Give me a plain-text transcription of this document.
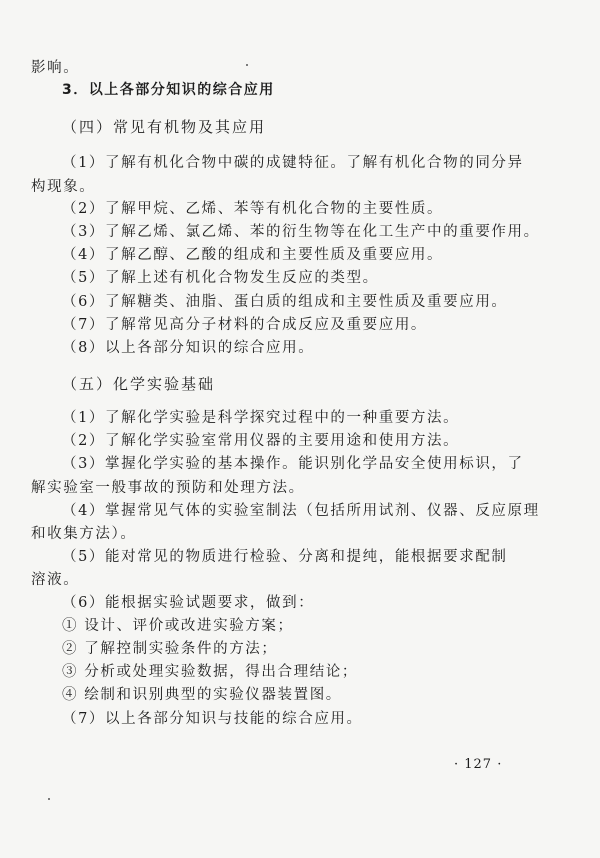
影响。
3．以上各部分知识的综合应用
（四）常见有机物及其应用
（1）了解有机化合物中碳的成键特征。了解有机化合物的同分异
构现象。
（2）了解甲烷、乙烯、苯等有机化合物的主要性质。
（3）了解乙烯、氯乙烯、苯的衍生物等在化工生产中的重要作用。
（4）了解乙醇、乙酸的组成和主要性质及重要应用。
（5）了解上述有机化合物发生反应的类型。
（6）了解糖类、油脂、蛋白质的组成和主要性质及重要应用。
（7）了解常见高分子材料的合成反应及重要应用。
（8）以上各部分知识的综合应用。
（五）化学实验基础
（1）了解化学实验是科学探究过程中的一种重要方法。
（2）了解化学实验室常用仪器的主要用途和使用方法。
（3）掌握化学实验的基本操作。能识别化学品安全使用标识，了
解实验室一般事故的预防和处理方法。
（4）掌握常见气体的实验室制法（包括所用试剂、仪器、反应原理
和收集方法）。
（5）能对常见的物质进行检验、分离和提纯，能根据要求配制
溶液。
（6）能根据实验试题要求，做到：
① 设计、评价或改进实验方案；
② 了解控制实验条件的方法；
③ 分析或处理实验数据，得出合理结论；
④ 绘制和识别典型的实验仪器装置图。
（7）以上各部分知识与技能的综合应用。
· 127 ·
